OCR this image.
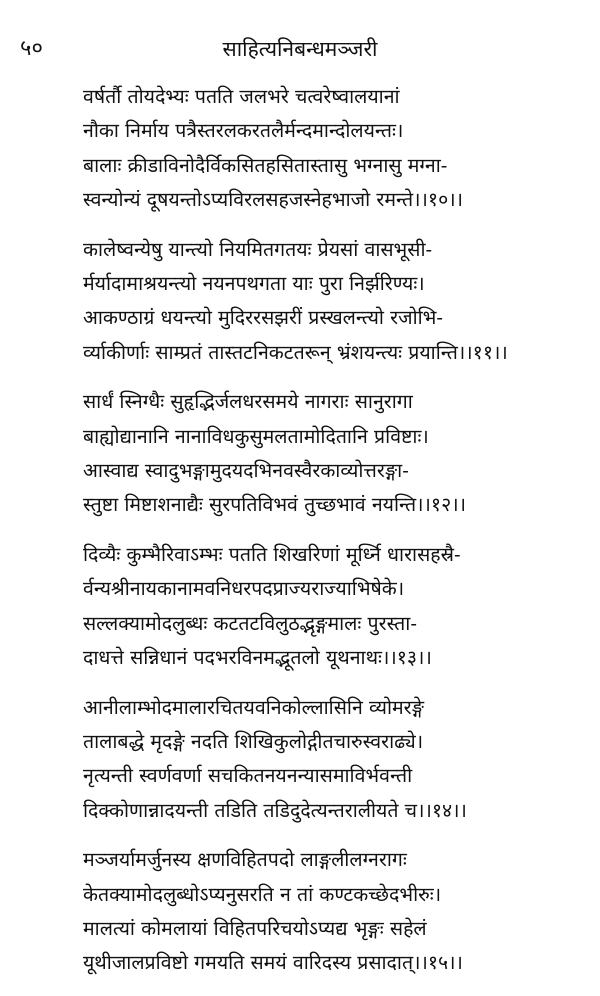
५०	साहित्यनिबन्धमञ्जरी
वर्षर्तौ तोयदेभ्यः पतति जलभरे चत्वरेष्वालयानां
नौका निर्माय पत्रैस्तरलकरतलैर्मन्दमान्दोलयन्तः।
बालाः क्रीडाविनोदैर्विकसितहसितास्तासु भग्नासु मग्ना-
स्वन्योन्यं दूषयन्तोऽप्यविरलसहजस्नेहभाजो रमन्ते।।१०।।
कालेष्वन्येषु यान्त्यो नियमितगतयः प्रेयसां वासभूसी-
र्मर्यादामाश्रयन्त्यो नयनपथगता याः पुरा निर्झरिण्यः।
आकण्ठाग्रं धयन्त्यो मुदिररसझरीं प्रस्खलन्त्यो रजोभि-
र्व्याकीर्णाः साम्प्रतं तास्तटनिकटतरून् भ्रंशयन्त्यः प्रयान्ति।।११।।
सार्धं स्निग्धैः सुहृद्भिर्जलधरसमये नागराः सानुरागा
बाह्योद्यानानि नानाविधकुसुमलतामोदितानि प्रविष्टाः।
आस्वाद्य स्वादुभङ्गामुदयदभिनवस्वैरकाव्योत्तरङ्गा-
स्तुष्टा मिष्टाशनाद्यैः सुरपतिविभवं तुच्छभावं नयन्ति।।१२।।
दिव्यैः कुम्भैरिवाऽम्भः पतति शिखरिणां मूर्ध्नि धारासहस्रै-
र्वन्यश्रीनायकानामवनिधरपदप्राज्यराज्याभिषेके।
सल्लक्यामोदलुब्धः कटतटविलुठद्भृङ्गमालः पुरस्ता-
दाधत्ते सन्निधानं पदभरविनमद्भूतलो यूथनाथः।।१३।।
आनीलाम्भोदमालारचितयवनिकोल्लासिनि व्योमरङ्गे
तालाबद्धे मृदङ्गे नदति शिखिकुलोद्गीतचारुस्वराढ्ये।
नृत्यन्ती स्वर्णवर्णा सचकितनयनन्यासमाविर्भवन्ती
दिक्कोणान्नादयन्ती तडिति तडिदुदेत्यन्तरालीयते च।।१४।।
मञ्जर्यामर्जुनस्य क्षणविहितपदो लाङ्गलीलग्नरागः
केतक्यामोदलुब्धोऽप्यनुसरति न तां कण्टकच्छेदभीरुः।
मालत्यां कोमलायां विहितपरिचयोऽप्यद्य भृङ्गः सहेलं
यूथीजालप्रविष्टो गमयति समयं वारिदस्य प्रसादात्।।१५।।
